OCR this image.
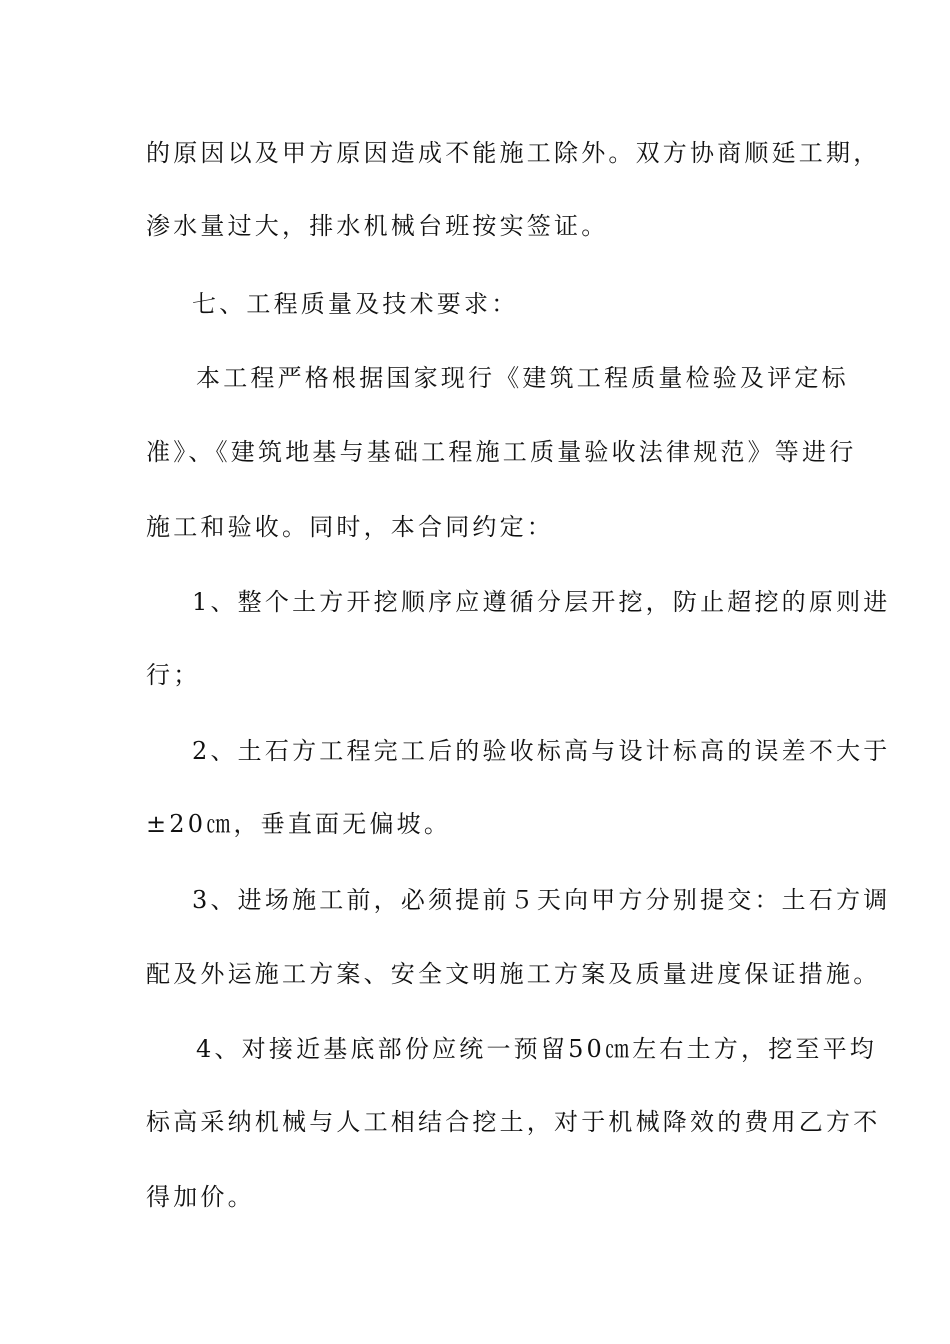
的原因以及甲方原因造成不能施工除外。双方协商顺延工期，
渗水量过大，排水机械台班按实签证。
七、工程质量及技术要求：
本工程严格根据国家现行《建筑工程质量检验及评定标
准》、《建筑地基与基础工程施工质量验收法律规范》等进行
施工和验收。同时，本合同约定：
1、整个土方开挖顺序应遵循分层开挖，防止超挖的原则进
行；
2、土石方工程完工后的验收标高与设计标高的误差不大于
±20㎝，垂直面无偏坡。
3、进场施工前，必须提前５天向甲方分别提交：土石方调
配及外运施工方案、安全文明施工方案及质量进度保证措施。
4、对接近基底部份应统一预留50㎝左右土方，挖至平均
标高采纳机械与人工相结合挖土，对于机械降效的费用乙方不
得加价。
